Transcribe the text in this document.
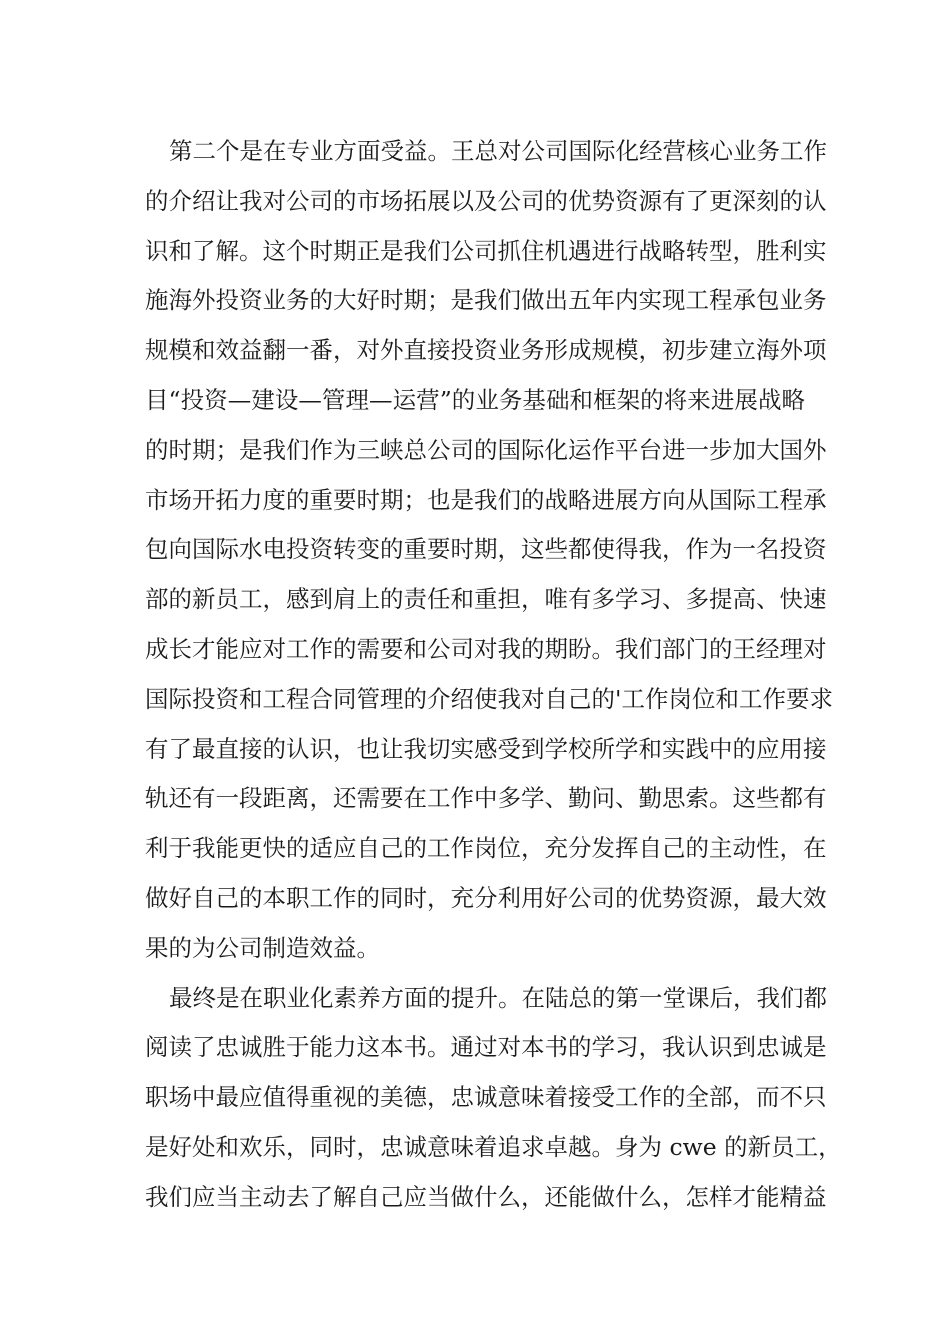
第二个是在专业方面受益。王总对公司国际化经营核心业务工作
的介绍让我对公司的市场拓展以及公司的优势资源有了更深刻的认
识和了解。这个时期正是我们公司抓住机遇进行战略转型，胜利实
施海外投资业务的大好时期；是我们做出五年内实现工程承包业务
规模和效益翻一番，对外直接投资业务形成规模，初步建立海外项
目“投资—建设—管理—运营”的业务基础和框架的将来进展战略
的时期；是我们作为三峡总公司的国际化运作平台进一步加大国外
市场开拓力度的重要时期；也是我们的战略进展方向从国际工程承
包向国际水电投资转变的重要时期，这些都使得我，作为一名投资
部的新员工，感到肩上的责任和重担，唯有多学习、多提高、快速
成长才能应对工作的需要和公司对我的期盼。我们部门的王经理对
国际投资和工程合同管理的介绍使我对自己的'工作岗位和工作要求
有了最直接的认识，也让我切实感受到学校所学和实践中的应用接
轨还有一段距离，还需要在工作中多学、勤问、勤思索。这些都有
利于我能更快的适应自己的工作岗位，充分发挥自己的主动性，在
做好自己的本职工作的同时，充分利用好公司的优势资源，最大效
果的为公司制造效益。
最终是在职业化素养方面的提升。在陆总的第一堂课后，我们都
阅读了忠诚胜于能力这本书。通过对本书的学习，我认识到忠诚是
职场中最应值得重视的美德，忠诚意味着接受工作的全部，而不只
是好处和欢乐，同时，忠诚意味着追求卓越。身为 cwe 的新员工，
我们应当主动去了解自己应当做什么，还能做什么，怎样才能精益
